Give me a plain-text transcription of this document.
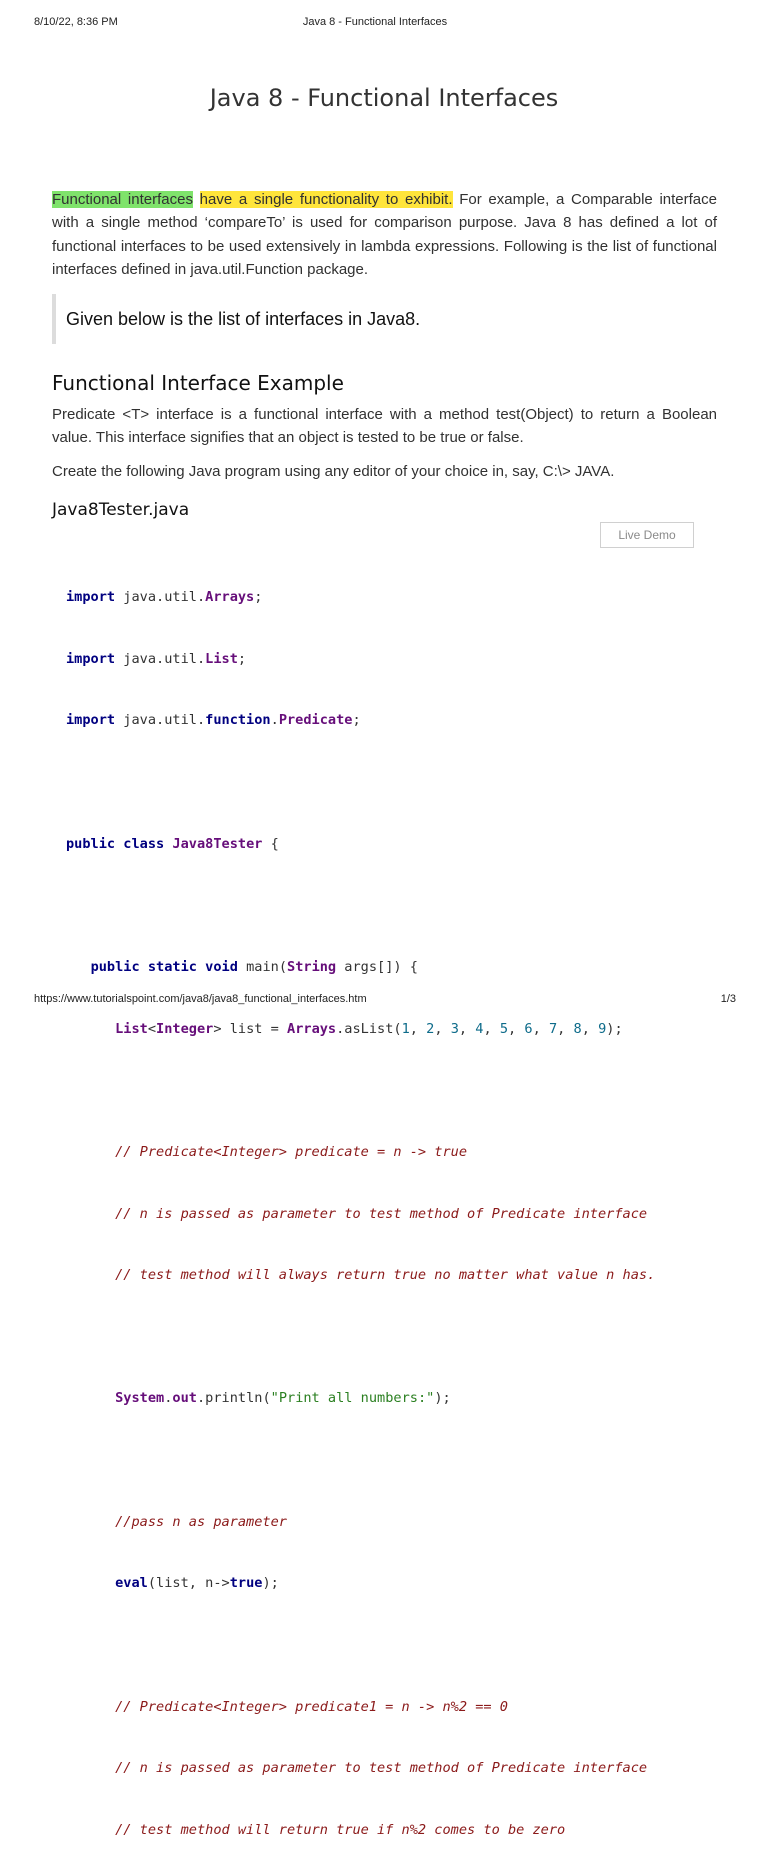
8/10/22, 8:36 PM	Java 8 - Functional Interfaces
Java 8 - Functional Interfaces

Functional interfaces have a single functionality to exhibit. For example, a Comparable interface with a single method ‘compareTo’ is used for comparison purpose. Java 8 has defined a lot of functional interfaces to be used extensively in lambda expressions. Following is the list of functional interfaces defined in java.util.Function package.

Given below is the list of interfaces in Java8.
Functional Interface Example

Predicate <T> interface is a functional interface with a method test(Object) to return a Boolean value. This interface signifies that an object is tested to be true or false.

Create the following Java program using any editor of your choice in, say, C:\> JAVA.

Java8Tester.java
Live Demo

import java.util.Arrays;

import java.util.List;

import java.util.function.Predicate;

public class Java8Tester {

public static void main(String args[]) {

List<Integer> list = Arrays.asList(1, 2, 3, 4, 5, 6, 7, 8, 9);

// Predicate<Integer> predicate = n -> true

// n is passed as parameter to test method of Predicate interface

// test method will always return true no matter what value n has.

System.out.println("Print all numbers:");

//pass n as parameter

eval(list, n->true);

// Predicate<Integer> predicate1 = n -> n%2 == 0

// n is passed as parameter to test method of Predicate interface

// test method will return true if n%2 comes to be zero

https://www.tutorialspoint.com/java8/java8_functional_interfaces.htm	1/3
